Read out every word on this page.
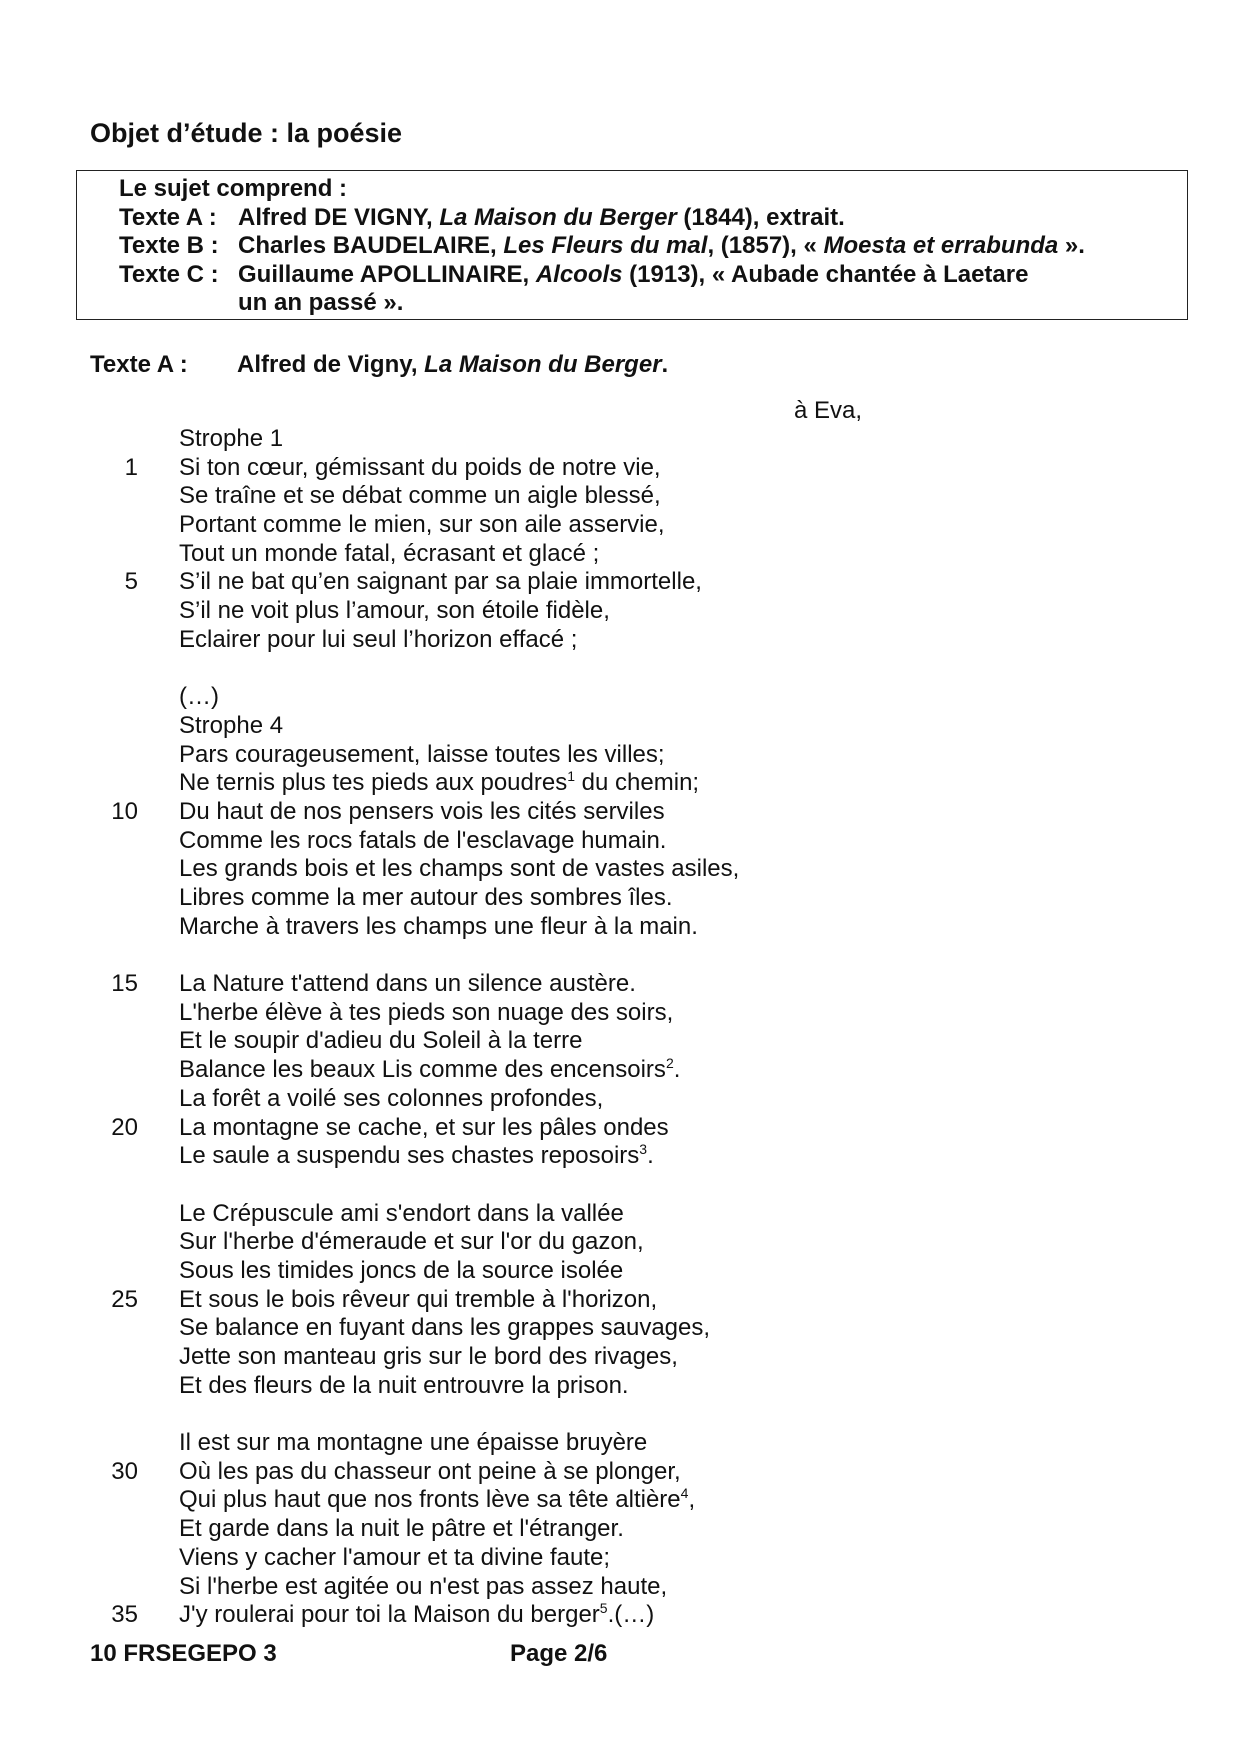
Objet d’étude : la poésie
Le sujet comprend :
Texte A : Alfred DE VIGNY, La Maison du Berger (1844), extrait.
Texte B : Charles BAUDELAIRE, Les Fleurs du mal, (1857), « Moesta et errabunda ».
Texte C : Guillaume APOLLINAIRE, Alcools (1913), « Aubade chantée à Laetare
un an passé ».
Texte A :	Alfred de Vigny, La Maison du Berger.
à Eva,
Strophe 1
1 Si ton cœur, gémissant du poids de notre vie,
Se traîne et se débat comme un aigle blessé,
Portant comme le mien, sur son aile asservie,
Tout un monde fatal, écrasant et glacé ;
5 S’il ne bat qu’en saignant par sa plaie immortelle,
S’il ne voit plus l’amour, son étoile fidèle,
Eclairer pour lui seul l’horizon effacé ;
(…)
Strophe 4
Pars courageusement, laisse toutes les villes;
Ne ternis plus tes pieds aux poudres$^1$ du chemin;
10 Du haut de nos pensers vois les cités serviles
Comme les rocs fatals de l'esclavage humain.
Les grands bois et les champs sont de vastes asiles,
Libres comme la mer autour des sombres îles.
Marche à travers les champs une fleur à la main.
15 La Nature t'attend dans un silence austère.
L'herbe élève à tes pieds son nuage des soirs,
Et le soupir d'adieu du Soleil à la terre
Balance les beaux Lis comme des encensoirs$^2$.
La forêt a voilé ses colonnes profondes,
20 La montagne se cache, et sur les pâles ondes
Le saule a suspendu ses chastes reposoirs$^3$.
Le Crépuscule ami s'endort dans la vallée
Sur l'herbe d'émeraude et sur l'or du gazon,
Sous les timides joncs de la source isolée
25 Et sous le bois rêveur qui tremble à l'horizon,
Se balance en fuyant dans les grappes sauvages,
Jette son manteau gris sur le bord des rivages,
Et des fleurs de la nuit entrouvre la prison.
Il est sur ma montagne une épaisse bruyère
30 Où les pas du chasseur ont peine à se plonger,
Qui plus haut que nos fronts lève sa tête altière$^4$,
Et garde dans la nuit le pâtre et l'étranger.
Viens y cacher l'amour et ta divine faute;
Si l'herbe est agitée ou n'est pas assez haute,
35 J'y roulerai pour toi la Maison du berger$^5$.(…)
10 FRSEGEPO 3	Page 2/6
